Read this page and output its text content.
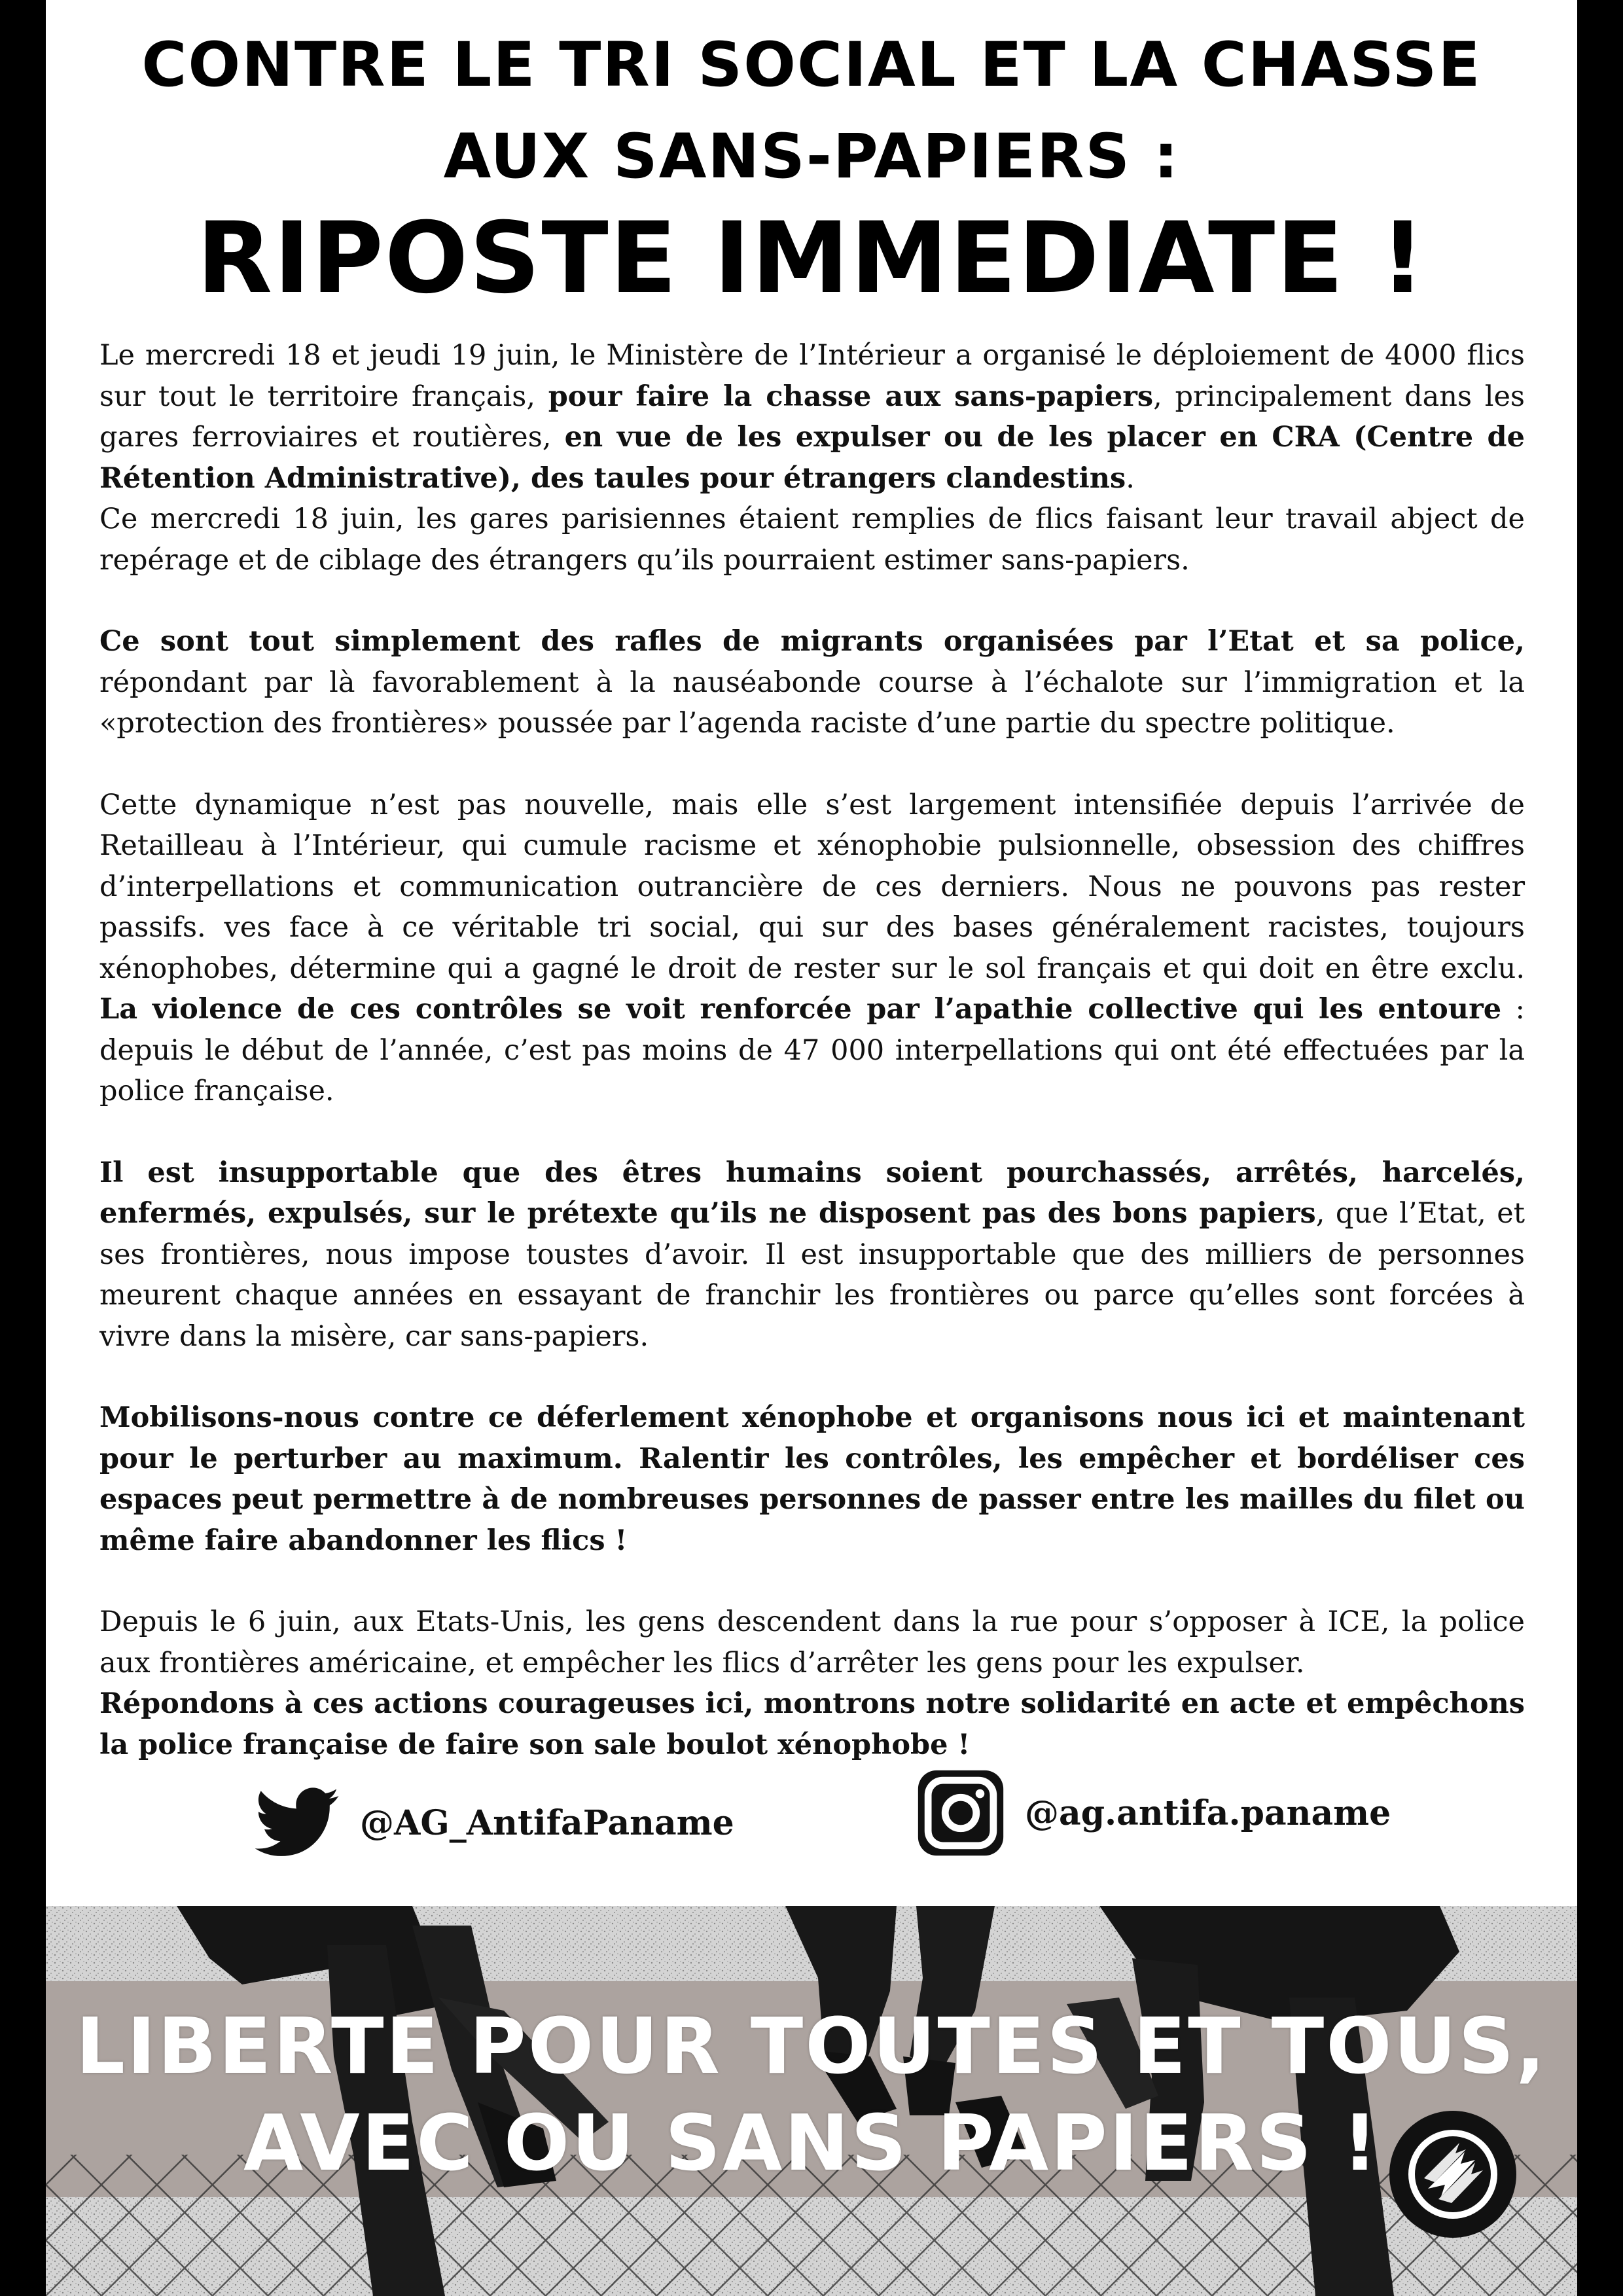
CONTRE LE TRI SOCIAL ET LA CHASSE AUX SANS-PAPIERS :
RIPOSTE IMMEDIATE !

Le mercredi 18 et jeudi 19 juin, le Ministère de l’Intérieur a organisé le déploiement de 4000 flics sur tout le territoire français, pour faire la chasse aux sans-papiers, principalement dans les gares ferroviaires et routières, en vue de les expulser ou de les placer en CRA (Centre de Rétention Administrative), des taules pour étrangers clandestins.
Ce mercredi 18 juin, les gares parisiennes étaient remplies de flics faisant leur travail abject de repérage et de ciblage des étrangers qu’ils pourraient estimer sans-papiers.

Ce sont tout simplement des rafles de migrants organisées par l’Etat et sa police, répondant par là favorablement à la nauséabonde course à l’échalote sur l’immigration et la «protection des frontières» poussée par l’agenda raciste d’une partie du spectre politique.

Cette dynamique n’est pas nouvelle, mais elle s’est largement intensifiée depuis l’arrivée de Retailleau à l’Intérieur, qui cumule racisme et xénophobie pulsionnelle, obsession des chiffres d’interpellations et communication outrancière de ces derniers. Nous ne pouvons pas rester passifs. ves face à ce véritable tri social, qui sur des bases généralement racistes, toujours xénophobes, détermine qui a gagné le droit de rester sur le sol français et qui doit en être exclu. La violence de ces contrôles se voit renforcée par l’apathie collective qui les entoure : depuis le début de l’année, c’est pas moins de 47 000 interpellations qui ont été effectuées par la police française.

Il est insupportable que des êtres humains soient pourchassés, arrêtés, harcelés, enfermés, expulsés, sur le prétexte qu’ils ne disposent pas des bons papiers, que l’Etat, et ses frontières, nous impose toustes d’avoir. Il est insupportable que des milliers de personnes meurent chaque années en essayant de franchir les frontières ou parce qu’elles sont forcées à vivre dans la misère, car sans-papiers.

Mobilisons-nous contre ce déferlement xénophobe et organisons nous ici et maintenant pour le perturber au maximum. Ralentir les contrôles, les empêcher et bordéliser ces espaces peut permettre à de nombreuses personnes de passer entre les mailles du filet ou même faire abandonner les flics !

Depuis le 6 juin, aux Etats-Unis, les gens descendent dans la rue pour s’opposer à ICE, la police aux frontières américaine, et empêcher les flics d’arrêter les gens pour les expulser.
Répondons à ces actions courageuses ici, montrons notre solidarité en acte et empêchons la police française de faire son sale boulot xénophobe !

@AG_AntifaPaname	@ag.antifa.paname
LIBERTE POUR TOUTES ET TOUS,
AVEC OU SANS PAPIERS !
